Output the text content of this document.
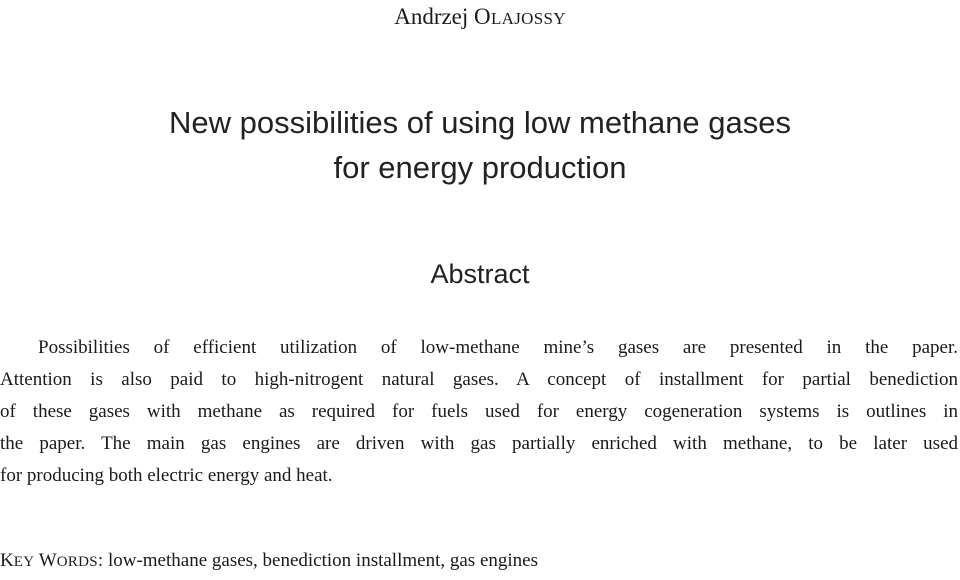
Andrzej OLAJOSSY
New possibilities of using low methane gases
for energy production
Abstract

Possibilities of efficient utilization of low-methane mine’s gases are presented in the paper.
Attention is also paid to high-nitrogent natural gases. A concept of installment for partial benediction
of these gases with methane as required for fuels used for energy cogeneration systems is outlines in
the paper. The main gas engines are driven with gas partially enriched with methane, to be later used
for producing both electric energy and heat.

KEY WORDS: low-methane gases, benediction installment, gas engines
